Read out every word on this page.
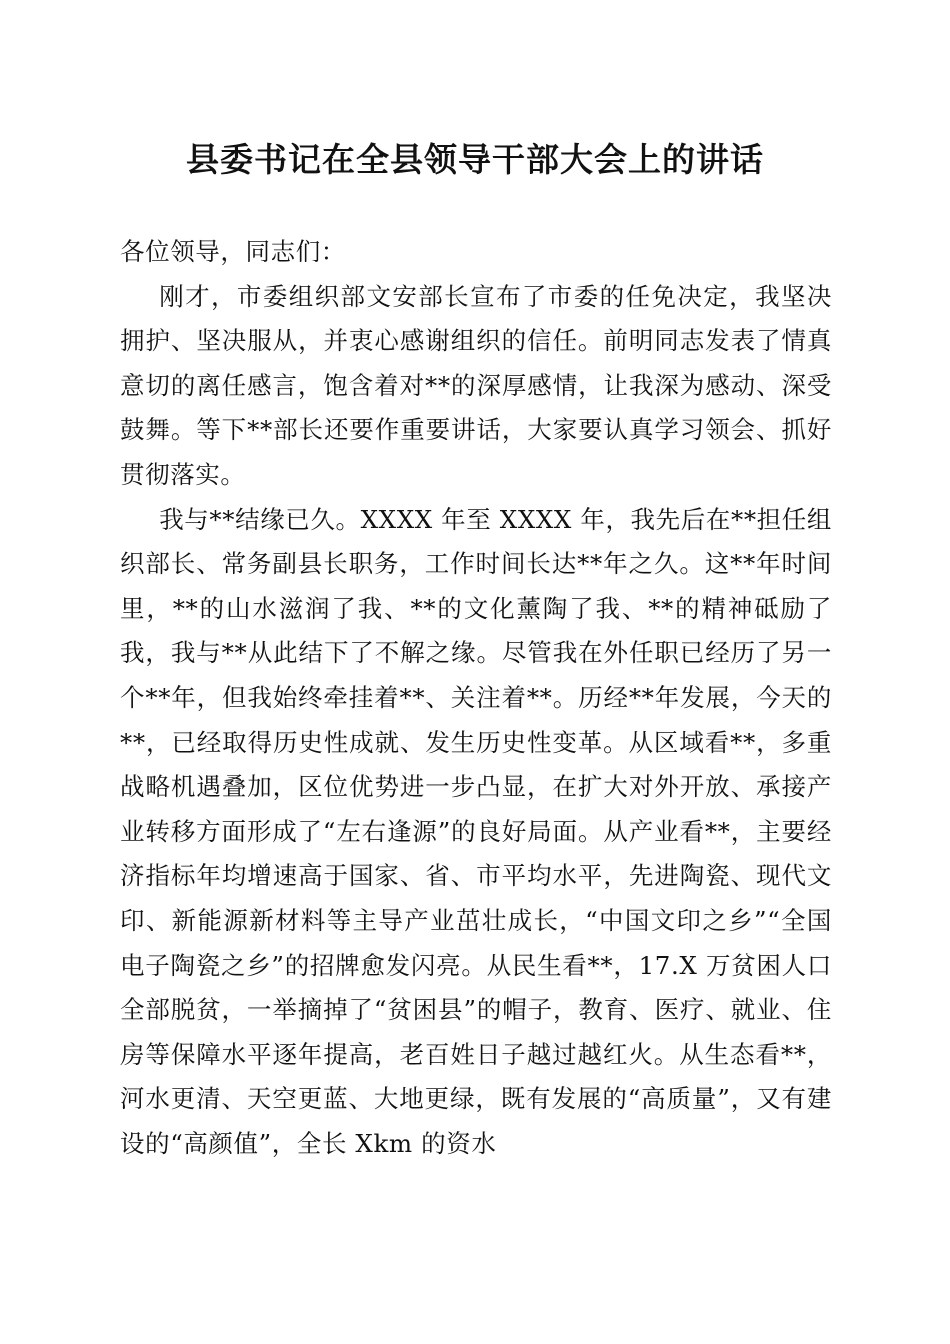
县委书记在全县领导干部大会上的讲话

各位领导，同志们：

刚才，市委组织部文安部长宣布了市委的任免决定，我坚决拥护、坚决服从，并衷心感谢组织的信任。前明同志发表了情真意切的离任感言，饱含着对**的深厚感情，让我深为感动、深受鼓舞。等下**部长还要作重要讲话，大家要认真学习领会、抓好贯彻落实。

我与**结缘已久。XXXX 年至 XXXX 年，我先后在**担任组织部长、常务副县长职务，工作时间长达**年之久。这**年时间里，**的山水滋润了我、**的文化薰陶了我、**的精神砥励了我，我与**从此结下了不解之缘。尽管我在外任职已经历了另一个**年，但我始终牵挂着**、关注着**。历经**年发展，今天的**，已经取得历史性成就、发生历史性变革。从区域看**，多重战略机遇叠加，区位优势进一步凸显，在扩大对外开放、承接产业转移方面形成了“左右逢源”的良好局面。从产业看**，主要经济指标年均增速高于国家、省、市平均水平，先进陶瓷、现代文印、新能源新材料等主导产业茁壮成长，“中国文印之乡”“全国电子陶瓷之乡”的招牌愈发闪亮。从民生看**，17.X 万贫困人口全部脱贫，一举摘掉了“贫困县”的帽子，教育、医疗、就业、住房等保障水平逐年提高，老百姓日子越过越红火。从生态看**，河水更清、天空更蓝、大地更绿，既有发展的“高质量”，又有建设的“高颜值”，全长 Xkm 的资水
